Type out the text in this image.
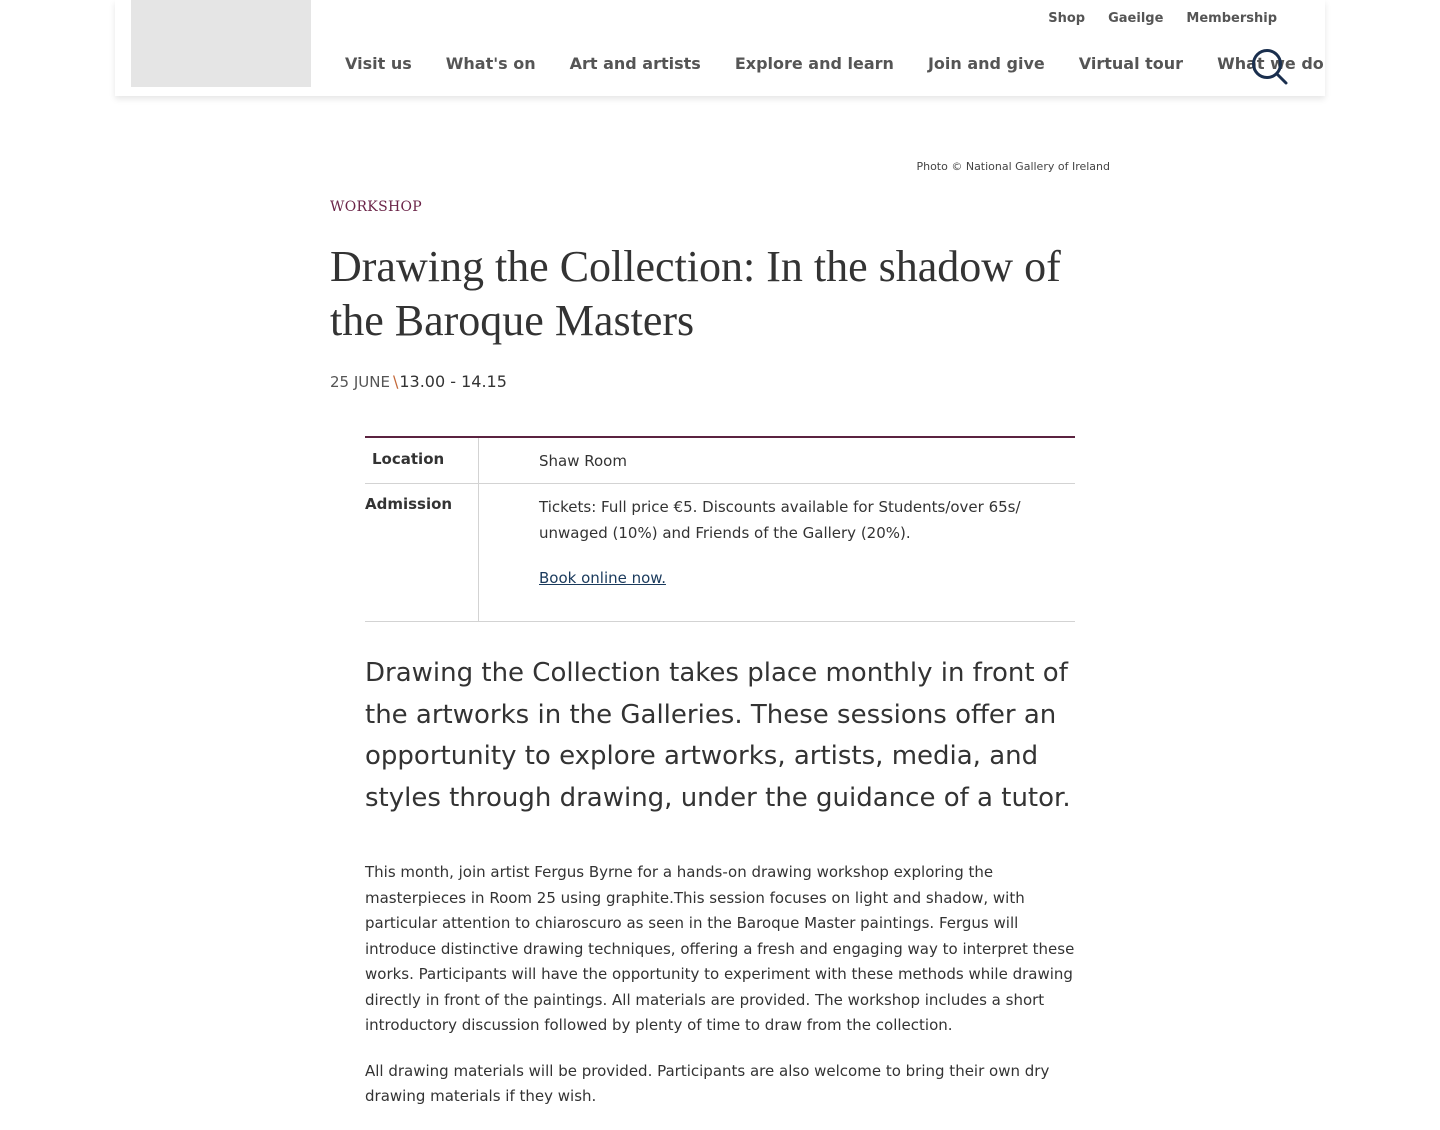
Shop Gaeilge Membership
Visit us What's on Art and artists Explore and learn Join and give Virtual tour What we do
Photo © National Gallery of Ireland
WORKSHOP
Drawing the Collection: In the shadow of the Baroque Masters
25 JUNE \ 13.00 - 14.15
Location	Shaw Room
Admission	Tickets: Full price €5. Discounts available for Students/over 65s/ unwaged (10%) and Friends of the Gallery (20%).

Book online now.

Drawing the Collection takes place monthly in front of the artworks in the Galleries. These sessions offer an opportunity to explore artworks, artists, media, and styles through drawing, under the guidance of a tutor.

This month, join artist Fergus Byrne for a hands-on drawing workshop exploring the masterpieces in Room 25 using graphite.This session focuses on light and shadow, with particular attention to chiaroscuro as seen in the Baroque Master paintings. Fergus will introduce distinctive drawing techniques, offering a fresh and engaging way to interpret these works. Participants will have the opportunity to experiment with these methods while drawing directly in front of the paintings. All materials are provided. The workshop includes a short introductory discussion followed by plenty of time to draw from the collection.

All drawing materials will be provided. Participants are also welcome to bring their own dry drawing materials if they wish.
